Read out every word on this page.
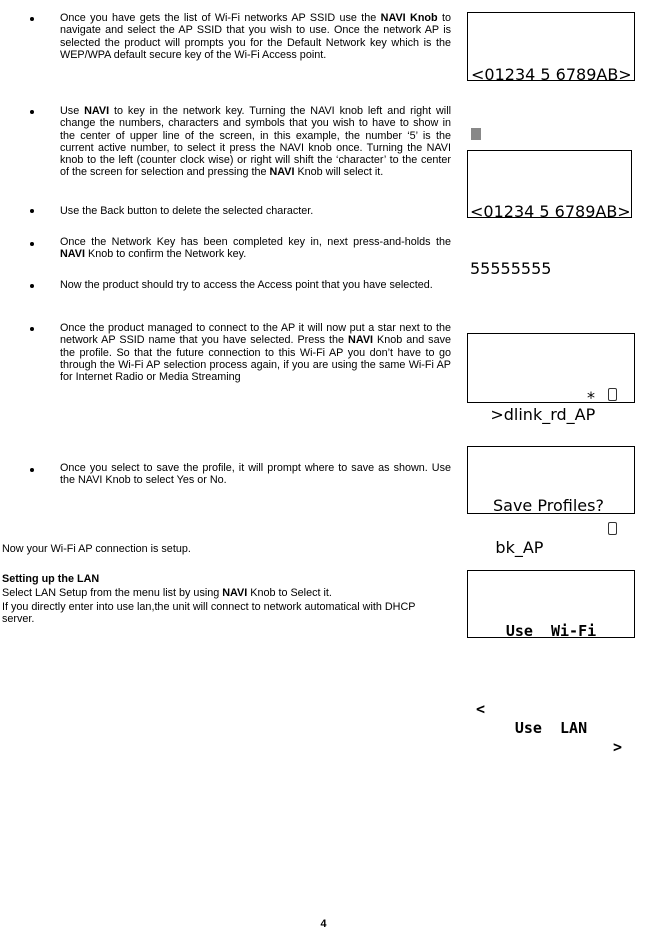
Once you have gets the list of Wi-Fi networks AP SSID use the NAVI Knob to navigate and select the AP SSID that you wish to use. Once the network AP is selected the product will prompts you for the Default Network key which is the WEP/WPA default secure key of the Wi-Fi Access point.
Use NAVI to key in the network key. Turning the NAVI knob left and right will change the numbers, characters and symbols that you wish to have to show in the center of upper line of the screen, in this example, the number ‘5’ is the current active number, to select it press the NAVI knob once. Turning the NAVI knob to the left (counter clock wise) or right will shift the ‘character’ to the center of the screen for selection and pressing the NAVI Knob will select it.
Use the Back button to delete the selected character.
Once the Network Key has been completed key in, next press-and-holds the NAVI Knob to confirm the Network key.
Now the product should try to access the Access point that you have selected.
Once the product managed to connect to the AP it will now put a star next to the network AP SSID name that you have selected. Press the NAVI Knob and save the profile. So that the future connection to this Wi-Fi AP you don’t have to go through the Wi-Fi AP selection process again, if you are using the same Wi-Fi AP for Internet Radio or Media Streaming
Once you select to save the profile, it will prompt where to save as shown. Use the NAVI Knob to select Yes or No.

<01234 5 6789AB>

<01234 5 6789AB>

55555555

>dlink_rd_AP

*

bk_AP

Save Profiles?

Use  Wi-Fi

<

Use  LAN

>

Now your Wi-Fi AP connection is setup.
Setting up the LAN
Select LAN Setup from the menu list by using NAVI Knob to Select it.
If you directly enter into use lan,the unit will connect to network automatical with DHCP server.
4
